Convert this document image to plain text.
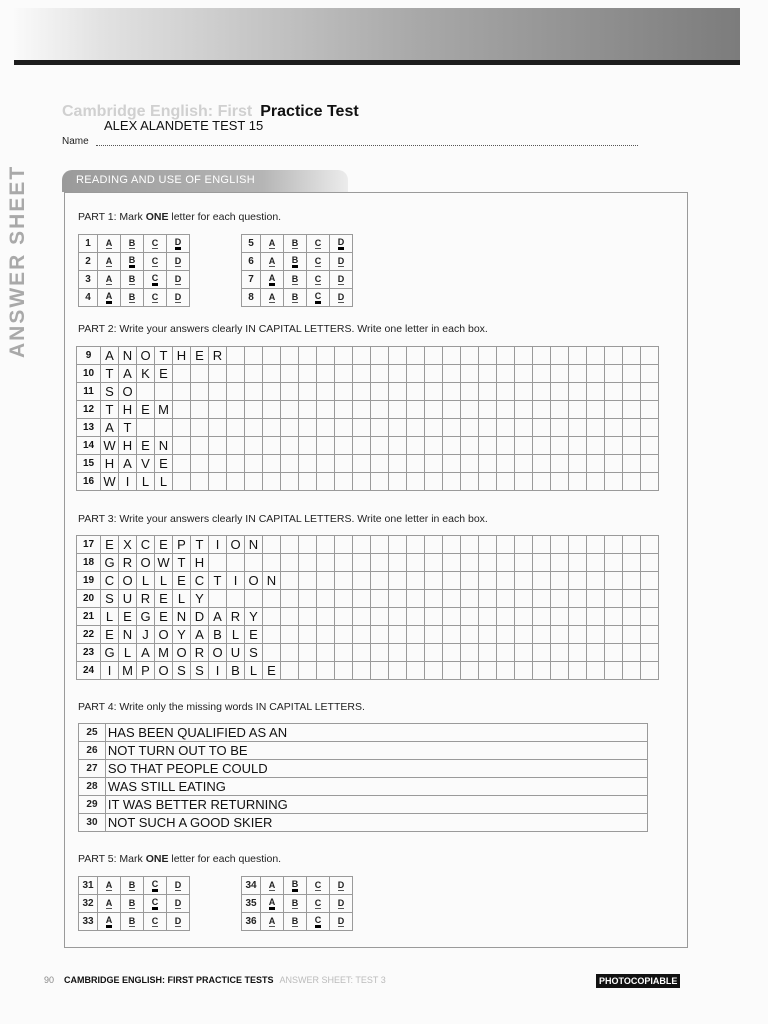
ANSWER SHEET
Cambridge English: First Practice Test
ALEX ALANDETE TEST 15
Name
READING AND USE OF ENGLISH
PART 1: Mark ONE letter for each question.
1	A	B	C	D
2	A	B	C	D
3	A	B	C	D
4	A	B	C	D
5	A	B	C	D
6	A	B	C	D
7	A	B	C	D
8	A	B	C	D
PART 2: Write your answers clearly IN CAPITAL LETTERS. Write one letter in each box.
9	A	N	O	T	H	E	R																								
10	T	A	K	E																											
11	S	O																													
12	T	H	E	M																											
13	A	T																													
14	W	H	E	N																											
15	H	A	V	E																											
16	W	I	L	L																											
PART 3: Write your answers clearly IN CAPITAL LETTERS. Write one letter in each box.
17	E	X	C	E	P	T	I	O	N																						
18	G	R	O	W	T	H																									
19	C	O	L	L	E	C	T	I	O	N																					
20	S	U	R	E	L	Y																									
21	L	E	G	E	N	D	A	R	Y																						
22	E	N	J	O	Y	A	B	L	E																						
23	G	L	A	M	O	R	O	U	S																						
24	I	M	P	O	S	S	I	B	L	E																					
PART 4: Write only the missing words IN CAPITAL LETTERS.
25	HAS BEEN QUALIFIED AS AN
26	NOT TURN OUT TO BE
27	SO THAT PEOPLE COULD
28	WAS STILL EATING
29	IT WAS BETTER RETURNING
30	NOT SUCH A GOOD SKIER
PART 5: Mark ONE letter for each question.
31	A	B	C	D
32	A	B	C	D
33	A	B	C	D
34	A	B	C	D
35	A	B	C	D
36	A	B	C	D
90 CAMBRIDGE ENGLISH: FIRST PRACTICE TESTS ANSWER SHEET: TEST 3	PHOTOCOPIABLE
